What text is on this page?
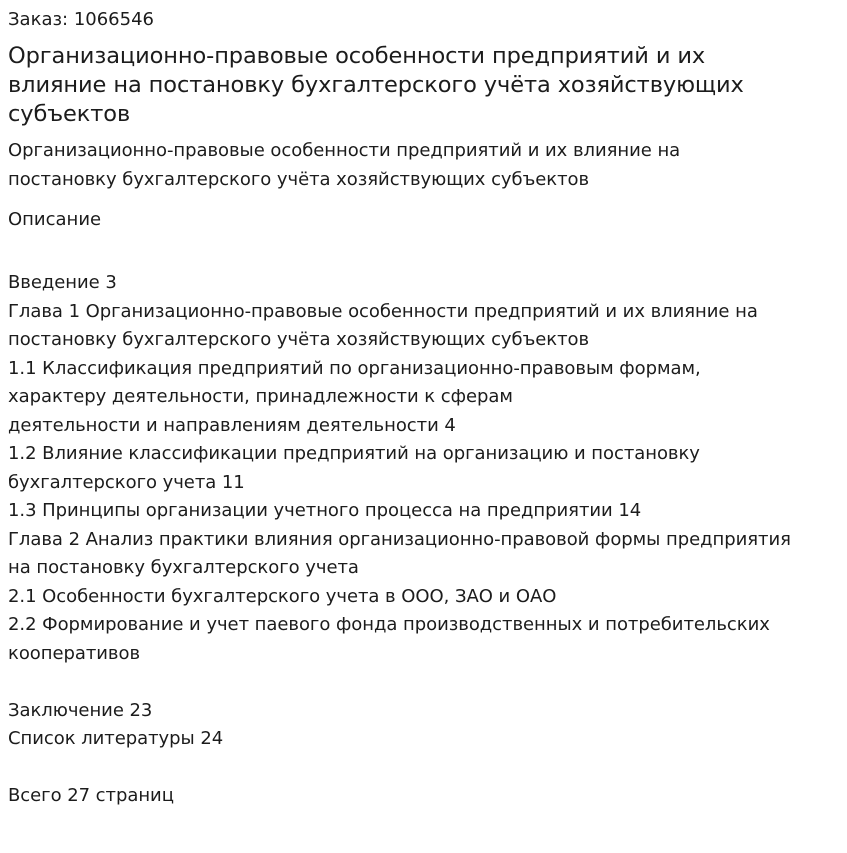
Заказ: 1066546
Организационно-правовые особенности предприятий и их
влияние на постановку бухгалтерского учёта хозяйствующих
субъектов
Организационно-правовые особенности предприятий и их влияние на
постановку бухгалтерского учёта хозяйствующих субъектов
Описание
Введение 3
Глава 1 Организационно-правовые особенности предприятий и их влияние на
постановку бухгалтерского учёта хозяйствующих субъектов
1.1 Классификация предприятий по организационно-правовым формам,
характеру деятельности, принадлежности к сферам
деятельности и направлениям деятельности 4
1.2 Влияние классификации предприятий на организацию и постановку
бухгалтерского учета 11
1.3 Принципы организации учетного процесса на предприятии 14
Глава 2 Анализ практики влияния организационно-правовой формы предприятия
на постановку бухгалтерского учета
2.1 Особенности бухгалтерского учета в ООО, ЗАО и ОАО
2.2 Формирование и учет паевого фонда производственных и потребительских
кооперативов
Заключение 23
Список литературы 24
Всего 27 страниц
